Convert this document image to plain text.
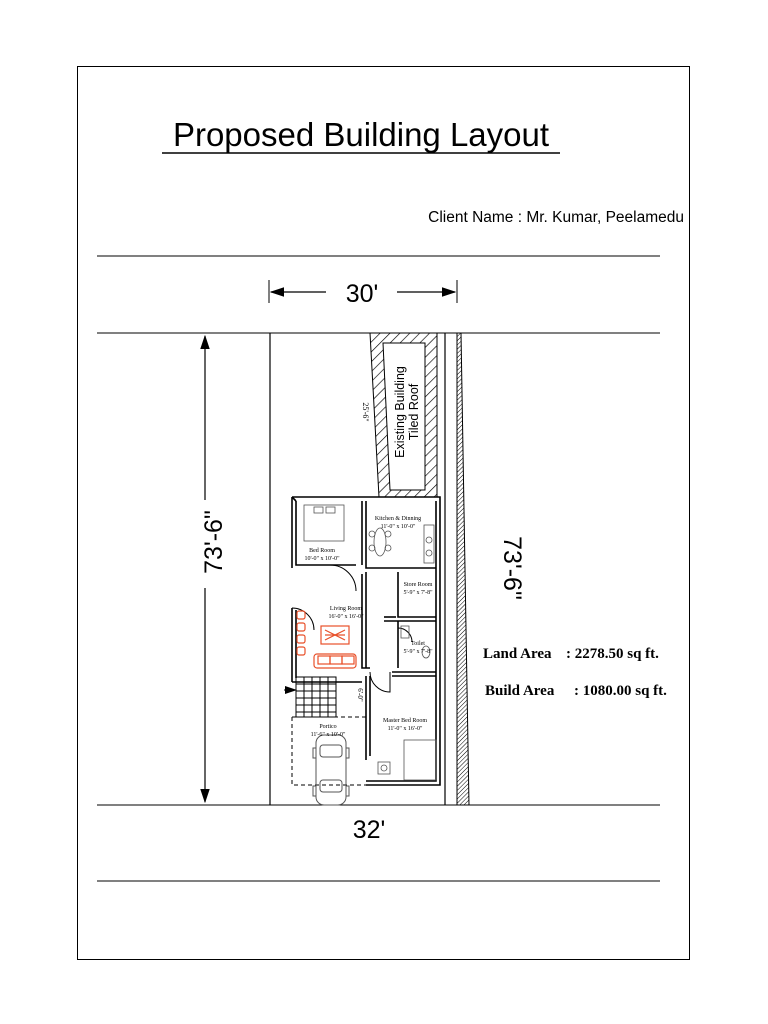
Proposed Building Layout
Client Name : Mr. Kumar, Peelamedu
30'
73'-6"
Existing Building Tiled Roof
25'-6"
6'-0"
Bed Room
10'-0" x 10'-0"
Kitchen & Dinning
11'-0" x 10'-0"
Living Room
16'-0" x 16'-0"
Store Room
5'-9" x 7'-8"
Toilet
5'-9" x 7'-8"
Portico
11'-6" x 10'-0"
Master Bed Room
11'-0" x 16'-0"
73'-6"
Land Area : 2278.50 sq ft.
Build Area : 1080.00 sq ft.
32'
